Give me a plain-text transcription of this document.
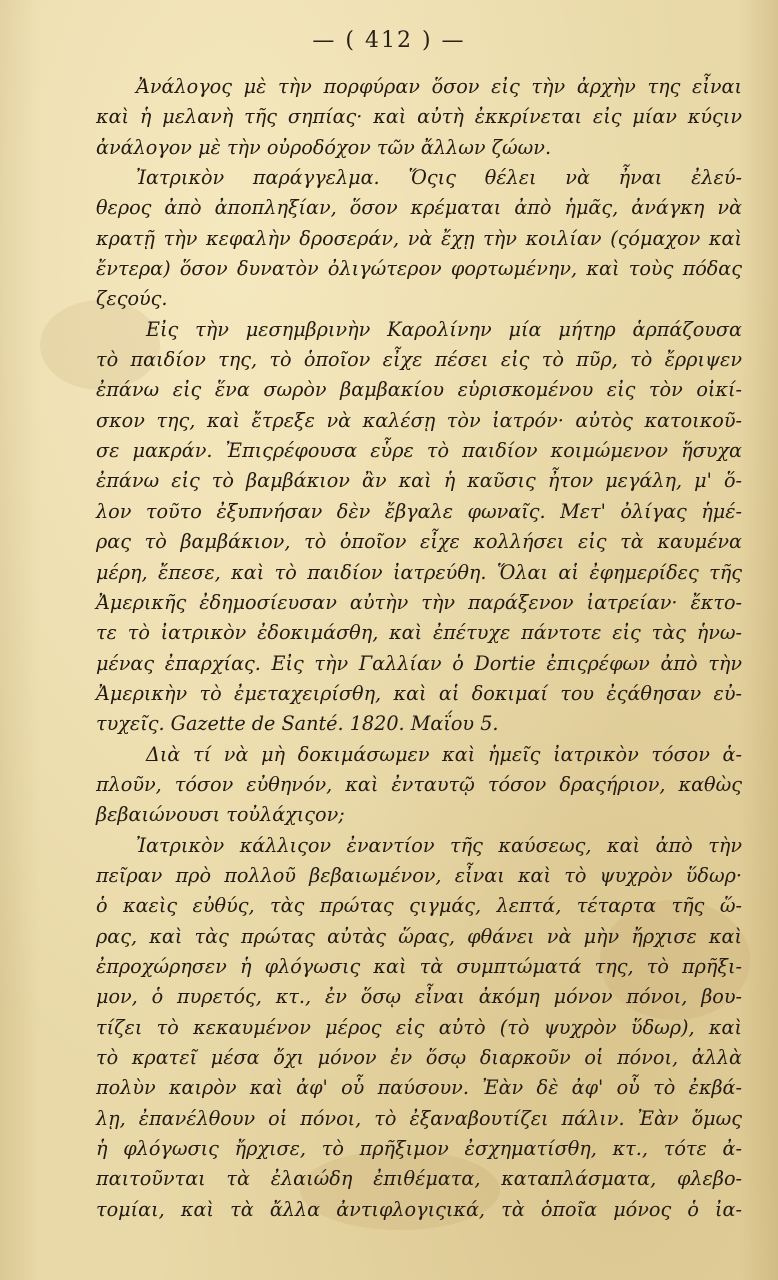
— ( 412 ) —
Ἀνάλογος μὲ τὴν πορφύραν ὅσον εἰς τὴν ἀρχὴν της εἶναι
καὶ ἡ μελανὴ τῆς σηπίας· καὶ αὐτὴ ἐκκρίνεται εἰς μίαν κύςιν
ἀνάλογον μὲ τὴν οὐροδόχον τῶν ἄλλων ζώων.
Ἰατρικὸν παράγγελμα. Ὅςις θέλει νὰ ἦναι ἐλεύ-
θερος ἀπὸ ἀποπληξίαν, ὅσον κρέμαται ἀπὸ ἡμᾶς, ἀνάγκη νὰ
κρατῇ τὴν κεφαλὴν δροσεράν, νὰ ἔχῃ τὴν κοιλίαν (ςόμαχον καὶ
ἔντερα) ὅσον δυνατὸν ὀλιγώτερον φορτωμένην, καὶ τοὺς πόδας
ζεςούς.
Εἰς τὴν μεσημβρινὴν Καρολίνην μία μήτηρ ἁρπάζουσα
τὸ παιδίον της, τὸ ὁποῖον εἶχε πέσει εἰς τὸ πῦρ, τὸ ἔρριψεν
ἐπάνω εἰς ἕνα σωρὸν βαμβακίου εὑρισκομένου εἰς τὸν οἰκί-
σκον της, καὶ ἔτρεξε νὰ καλέσῃ τὸν ἰατρόν· αὐτὸς κατοικοῦ-
σε μακράν. Ἐπιςρέφουσα εὗρε τὸ παιδίον κοιμώμενον ἥσυχα
ἐπάνω εἰς τὸ βαμβάκιον ἂν καὶ ἡ καῦσις ἦτον μεγάλη, μ' ὅ-
λον τοῦτο ἐξυπνήσαν δὲν ἔβγαλε φωναῖς. Μετ' ὀλίγας ἡμέ-
ρας τὸ βαμβάκιον, τὸ ὁποῖον εἶχε κολλήσει εἰς τὰ καυμένα
μέρη, ἔπεσε, καὶ τὸ παιδίον ἰατρεύθη. Ὅλαι αἱ ἐφημερίδες τῆς
Ἀμερικῆς ἐδημοσίευσαν αὐτὴν τὴν παράξενον ἰατρείαν· ἔκτο-
τε τὸ ἰατρικὸν ἐδοκιμάσθη, καὶ ἐπέτυχε πάντοτε εἰς τὰς ἡνω-
μένας ἐπαρχίας. Εἰς τὴν Γαλλίαν ὁ Dortie ἐπιςρέφων ἀπὸ τὴν
Ἀμερικὴν τὸ ἐμεταχειρίσθη, καὶ αἱ δοκιμαί του ἐςάθησαν εὐ-
τυχεῖς. Gazette de Santé. 1820. Μαΐου 5.
Διὰ τί νὰ μὴ δοκιμάσωμεν καὶ ἡμεῖς ἰατρικὸν τόσον ἁ-
πλοῦν, τόσον εὐθηνόν, καὶ ἐνταυτῷ τόσον δραςήριον, καθὼς
βεβαιώνουσι τοὐλάχιςον;
Ἰατρικὸν κάλλιςον ἐναντίον τῆς καύσεως, καὶ ἀπὸ τὴν
πεῖραν πρὸ πολλοῦ βεβαιωμένον, εἶναι καὶ τὸ ψυχρὸν ὕδωρ·
ὁ καεὶς εὐθύς, τὰς πρώτας ςιγμάς, λεπτά, τέταρτα τῆς ὥ-
ρας, καὶ τὰς πρώτας αὐτὰς ὥρας, φθάνει νὰ μὴν ἤρχισε καὶ
ἐπροχώρησεν ἡ φλόγωσις καὶ τὰ συμπτώματά της, τὸ πρῆξι-
μον, ὁ πυρετός, κτ., ἐν ὅσῳ εἶναι ἀκόμη μόνον πόνοι, βου-
τίζει τὸ κεκαυμένον μέρος εἰς αὐτὸ (τὸ ψυχρὸν ὕδωρ), καὶ
τὸ κρατεῖ μέσα ὄχι μόνον ἐν ὅσῳ διαρκοῦν οἱ πόνοι, ἀλλὰ
πολὺν καιρὸν καὶ ἀφ' οὗ παύσουν. Ἐὰν δὲ ἀφ' οὗ τὸ ἐκβά-
λῃ, ἐπανέλθουν οἱ πόνοι, τὸ ἐξαναβουτίζει πάλιν. Ἐὰν ὅμως
ἡ φλόγωσις ἤρχισε, τὸ πρῆξιμον ἐσχηματίσθη, κτ., τότε ἀ-
παιτοῦνται τὰ ἐλαιώδη ἐπιθέματα, καταπλάσματα, φλεβο-
τομίαι, καὶ τὰ ἄλλα ἀντιφλογιςικά, τὰ ὁποῖα μόνος ὁ ἰα-
